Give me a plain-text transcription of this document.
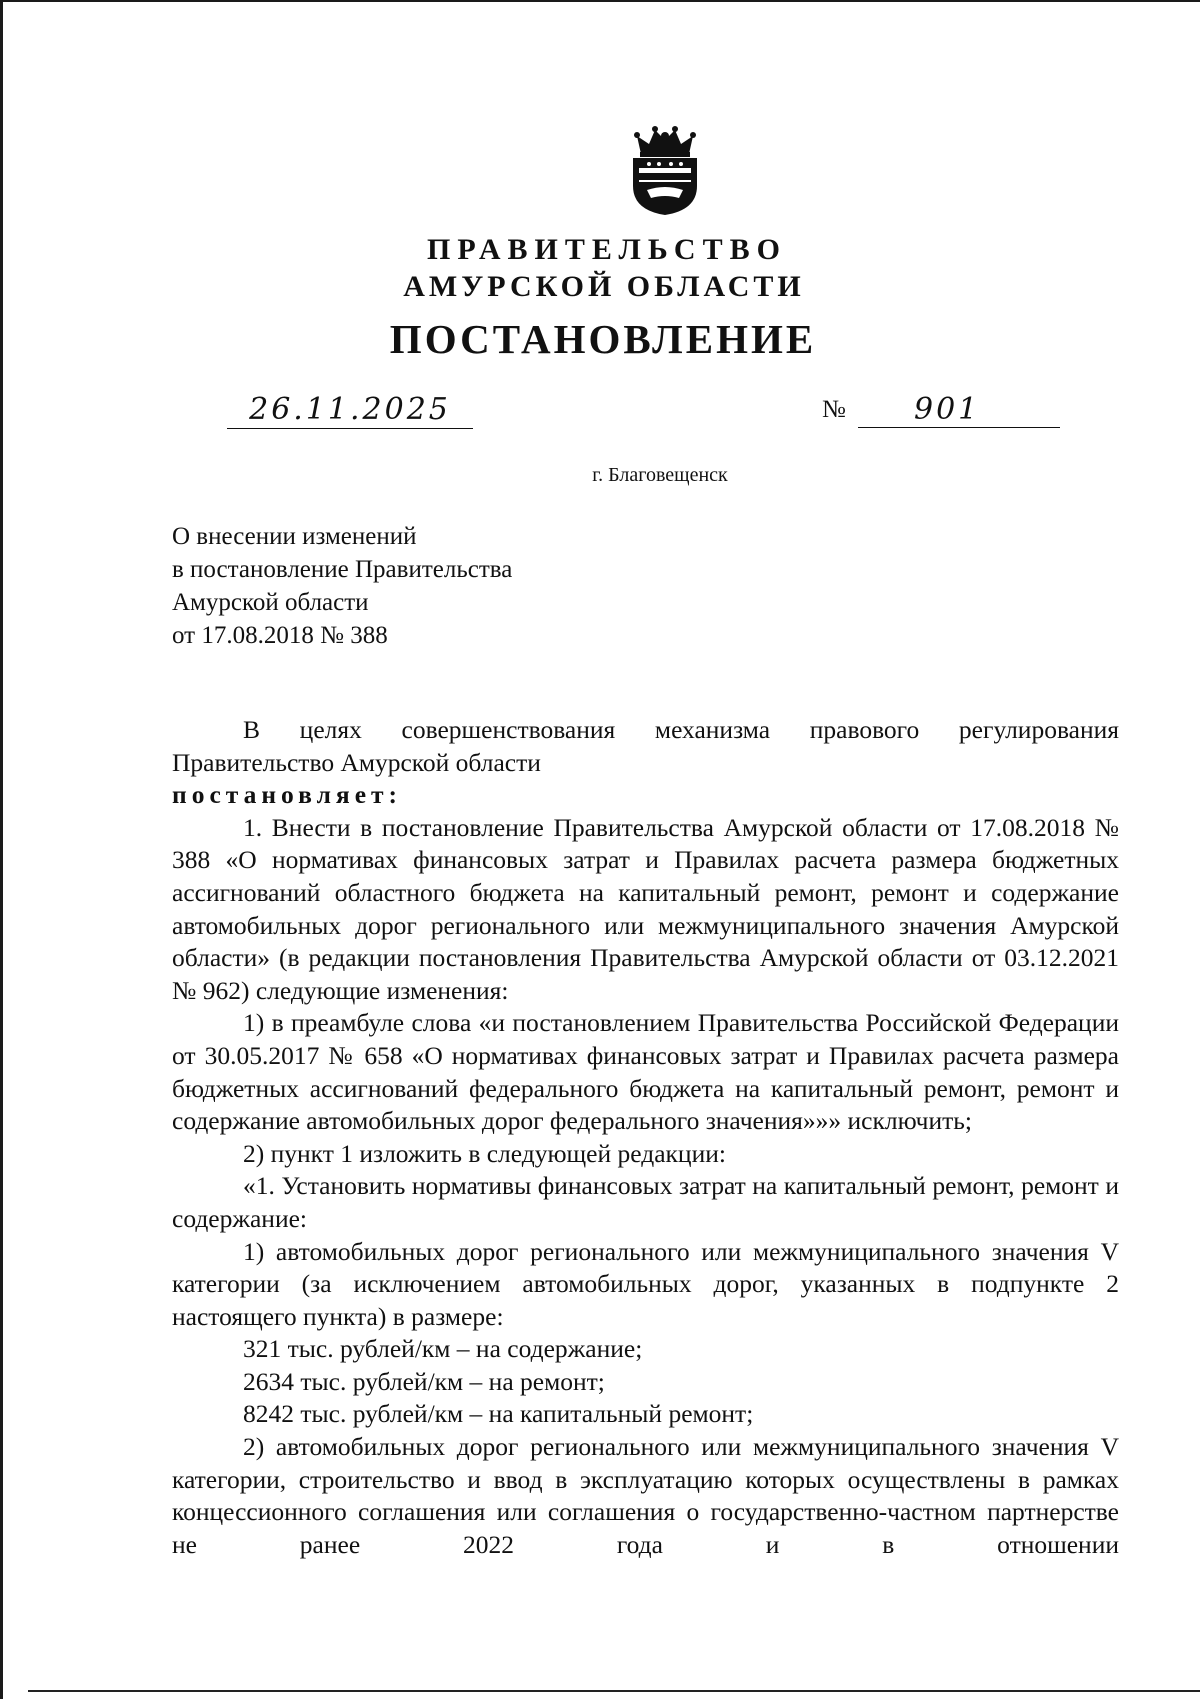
ПРАВИТЕЛЬСТВО
АМУРСКОЙ ОБЛАСТИ
ПОСТАНОВЛЕНИЕ
26.11.2025	№	901
г. Благовещенск
О внесении изменений
в постановление Правительства
Амурской области
от 17.08.2018 № 388

В целях совершенствования механизма правового регулирования

Правительство Амурской области

постановляет:

1. Внести в постановление Правительства Амурской области от 17.08.2018 № 388 «О нормативах финансовых затрат и Правилах расчета размера бюджетных ассигнований областного бюджета на капитальный ремонт, ремонт и содержание автомобильных дорог регионального или межмуниципального значения Амурской области» (в редакции постановления Правительства Амурской области от 03.12.2021 № 962) следующие изменения:

1) в преамбуле слова «и постановлением Правительства Российской Федерации от 30.05.2017 № 658 «О нормативах финансовых затрат и Правилах расчета размера бюджетных ассигнований федерального бюджета на капитальный ремонт, ремонт и содержание автомобильных дорог федерального значения»»» исключить;

2) пункт 1 изложить в следующей редакции:

«1. Установить нормативы финансовых затрат на капитальный ремонт, ремонт и содержание:

1) автомобильных дорог регионального или межмуниципального значения V категории (за исключением автомобильных дорог, указанных в подпункте 2 настоящего пункта) в размере:

321 тыс. рублей/км – на содержание;

2634 тыс. рублей/км – на ремонт;

8242 тыс. рублей/км – на капитальный ремонт;

2) автомобильных дорог регионального или межмуниципального значения V категории, строительство и ввод в эксплуатацию которых осуществлены в рамках концессионного соглашения или соглашения о государственно-частном партнерстве не ранее 2022 года и в отношении
